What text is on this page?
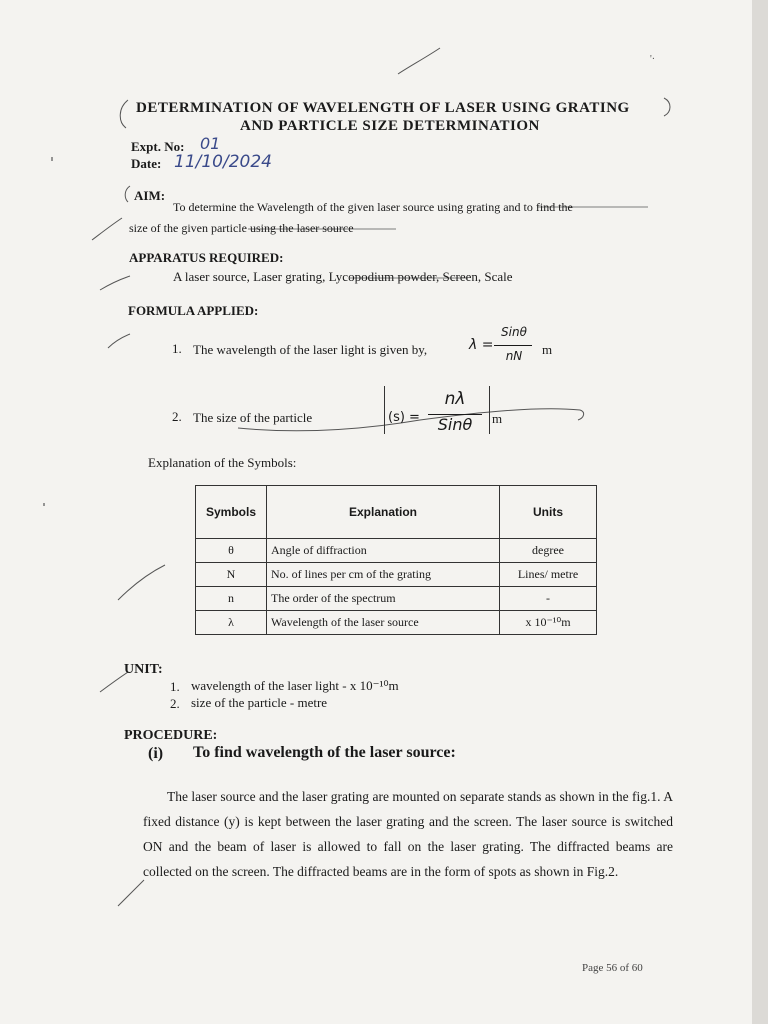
'·
DETERMINATION OF WAVELENGTH OF LASER USING GRATING
AND PARTICLE SIZE DETERMINATION
Expt. No: 01
Date: 11/10/2024
AIM:
To determine the Wavelength of the given laser source using grating and to find the
size of the given particle using the laser source
APPARATUS REQUIRED:
A laser source, Laser grating, Lycopodium powder, Screen, Scale
FORMULA APPLIED:
1. The wavelength of the laser light is given by,	λ =
Sinθ
nN	m
2. The size of the particle	(s) =
nλ
Sinθ	m
Explanation of the Symbols:
Symbols	Explanation	Units
θ	Angle of diffraction	degree
N	No. of lines per cm of the grating	Lines/ metre
n	The order of the spectrum	-
λ	Wavelength of the laser source	x 10⁻¹⁰m
UNIT:
1. wavelength of the laser light - x 10⁻¹⁰m
2. size of the particle - metre
PROCEDURE:
(i) To find wavelength of the laser source:
The laser source and the laser grating are mounted on separate stands as shown in the fig.1. A fixed distance (y) is kept between the laser grating and the screen. The laser source is switched ON and the beam of laser is allowed to fall on the laser grating. The diffracted beams are collected on the screen. The diffracted beams are in the form of spots as shown in Fig.2.
Page 56 of 60
